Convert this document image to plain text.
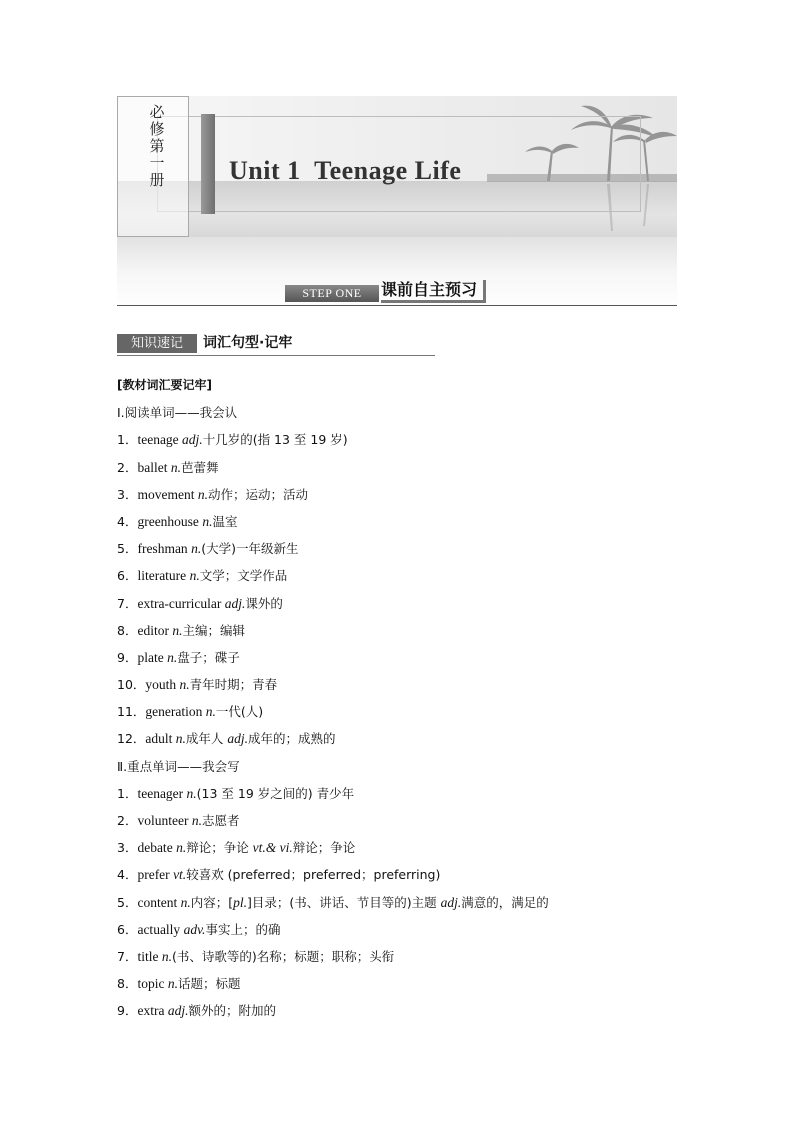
必修第一册 Unit 1  Teenage Life
STEP ONE	课前自主预习
知识速记	词汇句型·记牢
[教材词汇要记牢]
Ⅰ.阅读单词——我会认
1．teenage adj.十几岁的(指 13 至 19 岁)
2．ballet n.芭蕾舞
3．movement n.动作；运动；活动
4．greenhouse n.温室
5．freshman n.(大学)一年级新生
6．literature n.文学；文学作品
7．extra-curricular adj.课外的
8．editor n.主编；编辑
9．plate n.盘子；碟子
10．youth n.青年时期；青春
11．generation n.一代(人)
12．adult n.成年人 adj.成年的；成熟的
Ⅱ.重点单词——我会写
1．teenager n.(13 至 19 岁之间的) 青少年
2．volunteer n.志愿者
3．debate n.辩论；争论 vt.& vi.辩论；争论
4．prefer vt.较喜欢 (preferred；preferred；preferring)
5．content n.内容；[pl.]目录；(书、讲话、节目等的)主题 adj.满意的，满足的
6．actually adv.事实上；的确
7．title n.(书、诗歌等的)名称；标题；职称；头衔
8．topic n.话题；标题
9．extra adj.额外的；附加的
